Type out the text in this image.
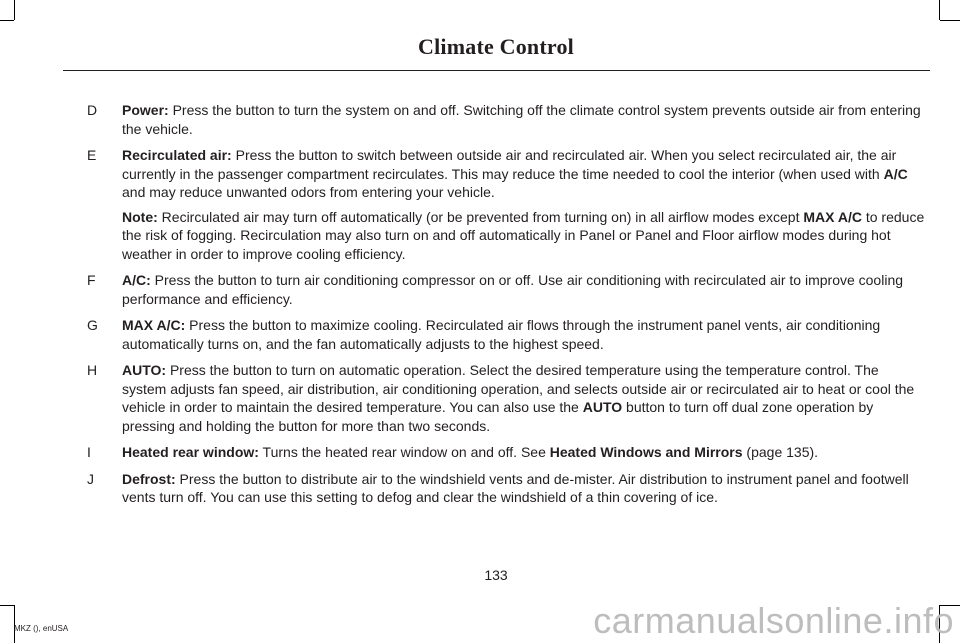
Climate Control
D Power: Press the button to turn the system on and off. Switching off the climate control system prevents outside air from entering the vehicle.
E	Recirculated air: Press the button to switch between outside air and recirculated air. When you select recirculated air, the air currently in the passenger compartment recirculates. This may reduce the time needed to cool the interior (when used with A/C and may reduce unwanted odors from entering your vehicle.
Note: Recirculated air may turn off automatically (or be prevented from turning on) in all airflow modes except MAX A/C to reduce the risk of fogging. Recirculation may also turn on and off automatically in Panel or Panel and Floor airflow modes during hot weather in order to improve cooling efficiency.
F	A/C: Press the button to turn air conditioning compressor on or off. Use air conditioning with recirculated air to improve cooling performance and efficiency.
G MAX A/C: Press the button to maximize cooling. Recirculated air flows through the instrument panel vents, air conditioning automatically turns on, and the fan automatically adjusts to the highest speed.
H AUTO: Press the button to turn on automatic operation. Select the desired temperature using the temperature control. The system adjusts fan speed, air distribution, air conditioning operation, and selects outside air or recirculated air to heat or cool the vehicle in order to maintain the desired temperature. You can also use the AUTO button to turn off dual zone operation by pressing and holding the button for more than two seconds.
I	Heated rear window: Turns the heated rear window on and off. See Heated Windows and Mirrors (page 135).
J	Defrost: Press the button to distribute air to the windshield vents and de-mister. Air distribution to instrument panel and footwell vents turn off. You can use this setting to defog and clear the windshield of a thin covering of ice.
133
MKZ (), enUSA	carmanualsonline.info
